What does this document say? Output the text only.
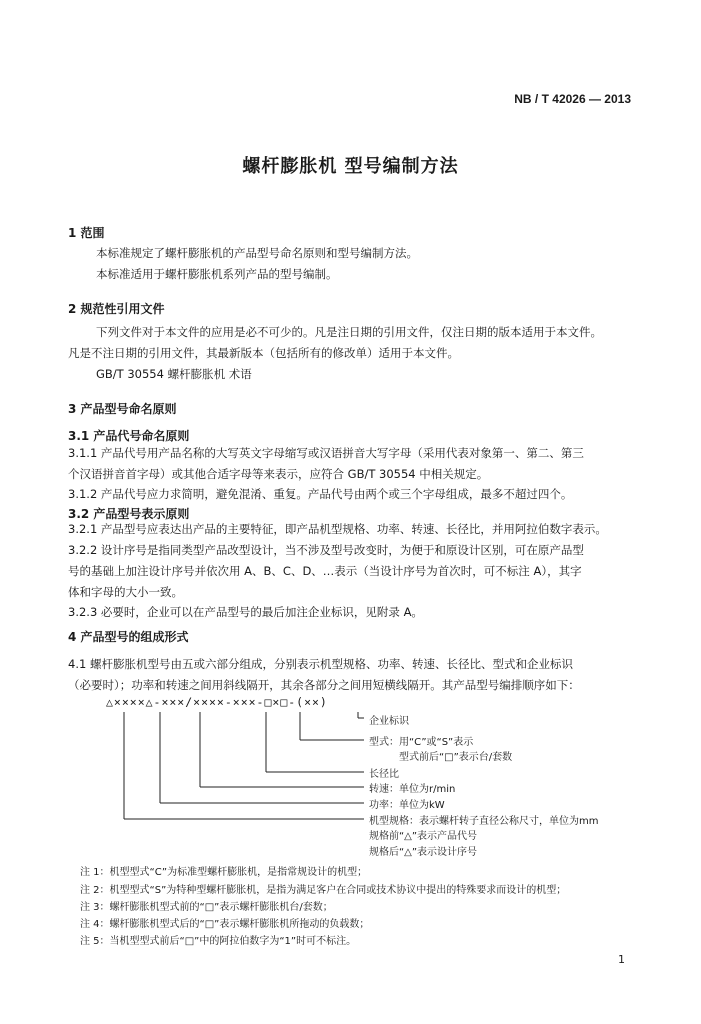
NB / T 42026 — 2013
螺杆膨胀机 型号编制方法
1 范围
本标准规定了螺杆膨胀机的产品型号命名原则和型号编制方法。
本标准适用于螺杆膨胀机系列产品的型号编制。
2 规范性引用文件
下列文件对于本文件的应用是必不可少的。凡是注日期的引用文件，仅注日期的版本适用于本文件。
凡是不注日期的引用文件，其最新版本（包括所有的修改单）适用于本文件。
GB/T 30554 螺杆膨胀机 术语
3 产品型号命名原则
3.1 产品代号命名原则
3.1.1 产品代号用产品名称的大写英文字母缩写或汉语拼音大写字母（采用代表对象第一、第二、第三
个汉语拼音首字母）或其他合适字母等来表示，应符合 GB/T 30554 中相关规定。
3.1.2 产品代号应力求简明，避免混淆、重复。产品代号由两个或三个字母组成，最多不超过四个。
3.2 产品型号表示原则
3.2.1 产品型号应表达出产品的主要特征，即产品机型规格、功率、转速、长径比，并用阿拉伯数字表示。
3.2.2 设计序号是指同类型产品改型设计，当不涉及型号改变时，为便于和原设计区别，可在原产品型
号的基础上加注设计序号并依次用 A、B、C、D、…表示（当设计序号为首次时，可不标注 A），其字
体和字母的大小一致。
3.2.3 必要时，企业可以在产品型号的最后加注企业标识，见附录 A。
4 产品型号的组成形式
4.1 螺杆膨胀机型号由五或六部分组成，分别表示机型规格、功率、转速、长径比、型式和企业标识
（必要时）；功率和转速之间用斜线隔开，其余各部分之间用短横线隔开。其产品型号编排顺序如下：
△××××△-×××/××××-×××-□×□-(××)
企业标识
型式：用“C”或“S”表示
型式前后“□”表示台/套数
长径比
转速：单位为r/min
功率：单位为kW
机型规格：表示螺杆转子直径公称尺寸，单位为mm
规格前“△”表示产品代号
规格后“△”表示设计序号
注 1：机型型式“C”为标准型螺杆膨胀机，是指常规设计的机型；
注 2：机型型式“S”为特种型螺杆膨胀机，是指为满足客户在合同或技术协议中提出的特殊要求而设计的机型；
注 3：螺杆膨胀机型式前的“□”表示螺杆膨胀机台/套数；
注 4：螺杆膨胀机型式后的“□”表示螺杆膨胀机所拖动的负载数；
注 5：当机型型式前后“□”中的阿拉伯数字为“1”时可不标注。
1
